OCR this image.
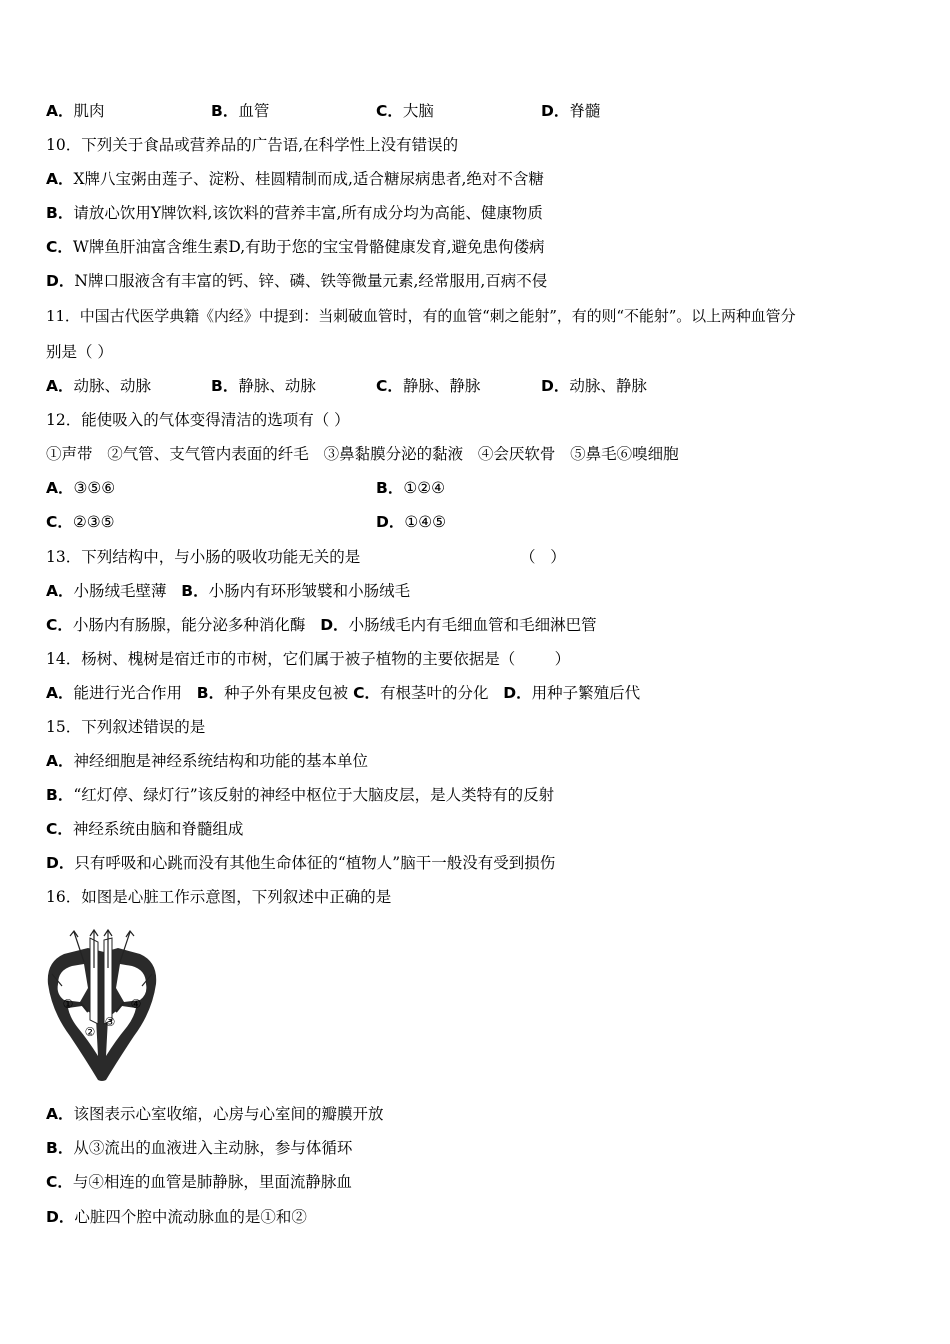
A．肌肉	B．血管	C．大脑	D．脊髓
10．下列关于食品或营养品的广告语,在科学性上没有错误的
A．X牌八宝粥由莲子、淀粉、桂圆精制而成,适合糖尿病患者,绝对不含糖
B．请放心饮用Y牌饮料,该饮料的营养丰富,所有成分均为高能、健康物质
C．W牌鱼肝油富含维生素D,有助于您的宝宝骨骼健康发育,避免患佝偻病
D．N牌口服液含有丰富的钙、锌、磷、铁等微量元素,经常服用,百病不侵
11．中国古代医学典籍《内经》中提到：当刺破血管时，有的血管“刺之能射”，有的则“不能射”。以上两种血管分
别是（ ）
A．动脉、动脉	B．静脉、动脉	C．静脉、静脉	D．动脉、静脉
12．能使吸入的气体变得清洁的选项有（ ）
①声带   ②气管、支气管内表面的纤毛   ③鼻黏膜分泌的黏液   ④会厌软骨   ⑤鼻毛⑥嗅细胞
A．③⑤⑥	B．①②④
C．②③⑤	D．①④⑤
13．下列结构中，与小肠的吸收功能无关的是	（   ）
A．小肠绒毛壁薄 B．小肠内有环形皱襞和小肠绒毛
C．小肠内有肠腺，能分泌多种消化酶 D．小肠绒毛内有毛细血管和毛细淋巴管
14．杨树、槐树是宿迁市的市树，它们属于被子植物的主要依据是（        ）
A．能进行光合作用 B．种子外有果皮包被 C．有根茎叶的分化 D．用种子繁殖后代
15．下列叙述错误的是
A．神经细胞是神经系统结构和功能的基本单位
B．“红灯停、绿灯行”该反射的神经中枢位于大脑皮层，是人类特有的反射
C．神经系统由脑和脊髓组成
D．只有呼吸和心跳而没有其他生命体征的“植物人”脑干一般没有受到损伤
16．如图是心脏工作示意图，下列叙述中正确的是
①
②
③
④
A．该图表示心室收缩，心房与心室间的瓣膜开放
B．从③流出的血液进入主动脉，参与体循环
C．与④相连的血管是肺静脉，里面流静脉血
D．心脏四个腔中流动脉血的是①和②
